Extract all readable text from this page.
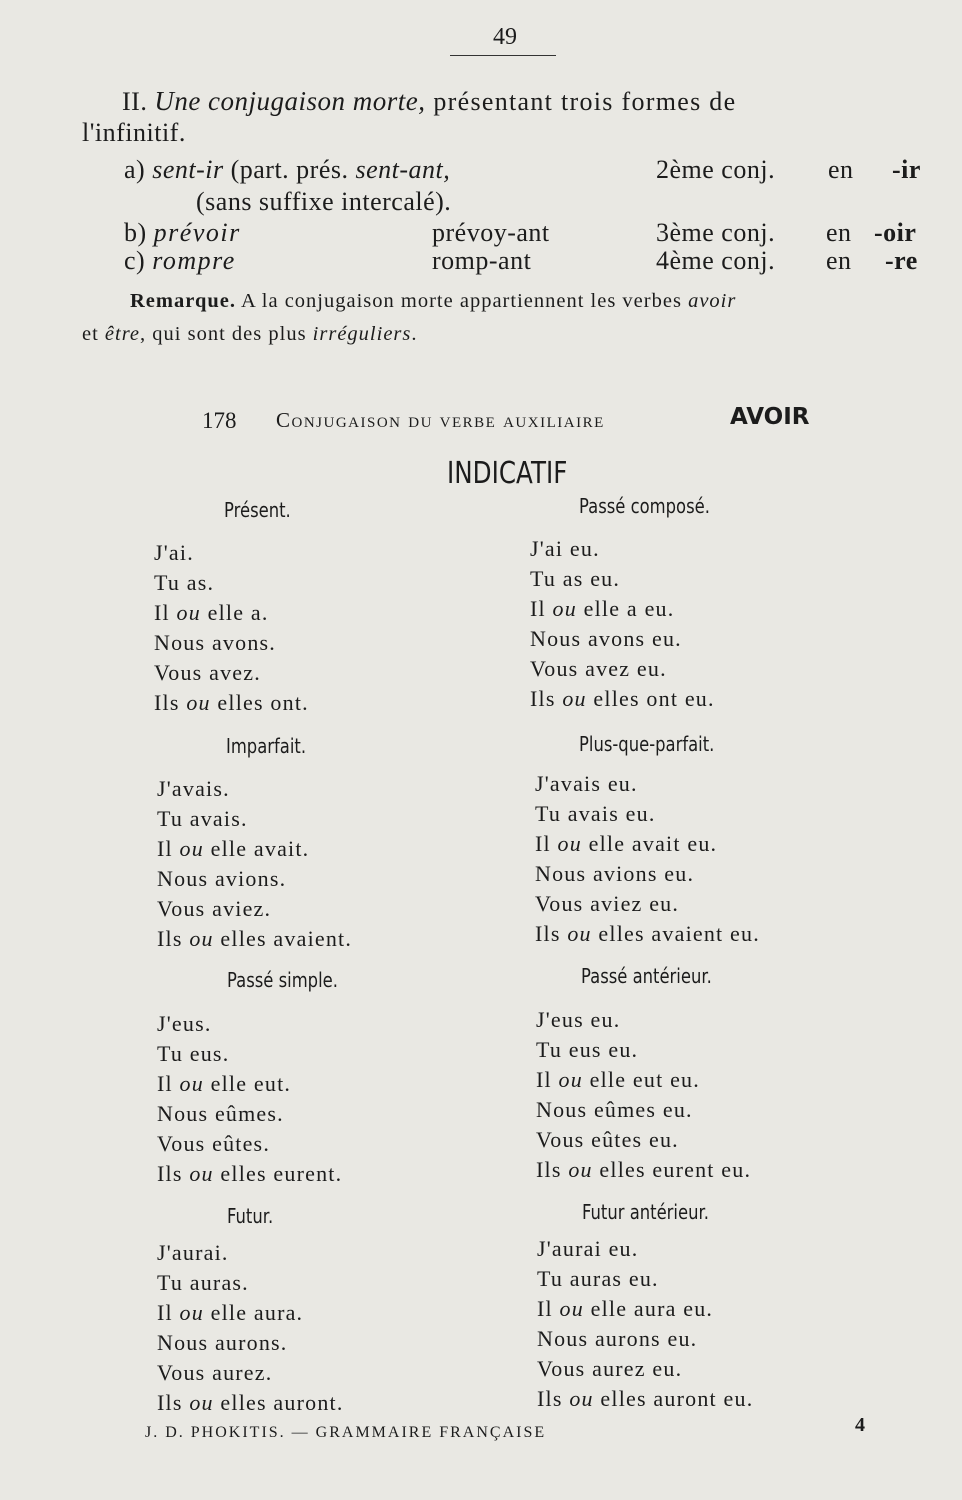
49
II. Une conjugaison morte, présentant trois formes de
l'infinitif.
a) sent-ir (part. prés. sent-ant,	2ème conj. en -ir
(sans suffixe intercalé).
b) prévoir	prévoy-ant	3ème conj. en -oir
c) rompre	romp-ant	4ème conj. en -re
Remarque. A la conjugaison morte appartiennent les verbes avoir
et être, qui sont des plus irréguliers.
178 Conjugaison du verbe auxiliaire	AVOIR
INDICATIF
Présent.
J'ai.
Tu as.
Il ou elle a.
Nous avons.
Vous avez.
Ils ou elles ont.
Passé composé.
J'ai eu.
Tu as eu.
Il ou elle a eu.
Nous avons eu.
Vous avez eu.
Ils ou elles ont eu.
Imparfait.
J'avais.
Tu avais.
Il ou elle avait.
Nous avions.
Vous aviez.
Ils ou elles avaient.
Plus-que-parfait.
J'avais eu.
Tu avais eu.
Il ou elle avait eu.
Nous avions eu.
Vous aviez eu.
Ils ou elles avaient eu.
Passé simple.
J'eus.
Tu eus.
Il ou elle eut.
Nous eûmes.
Vous eûtes.
Ils ou elles eurent.
Passé antérieur.
J'eus eu.
Tu eus eu.
Il ou elle eut eu.
Nous eûmes eu.
Vous eûtes eu.
Ils ou elles eurent eu.
Futur.
J'aurai.
Tu auras.
Il ou elle aura.
Nous aurons.
Vous aurez.
Ils ou elles auront.
Futur antérieur.
J'aurai eu.
Tu auras eu.
Il ou elle aura eu.
Nous aurons eu.
Vous aurez eu.
Ils ou elles auront eu.
J. D. PHOKITIS. — GRAMMAIRE FRANÇAISE	4
